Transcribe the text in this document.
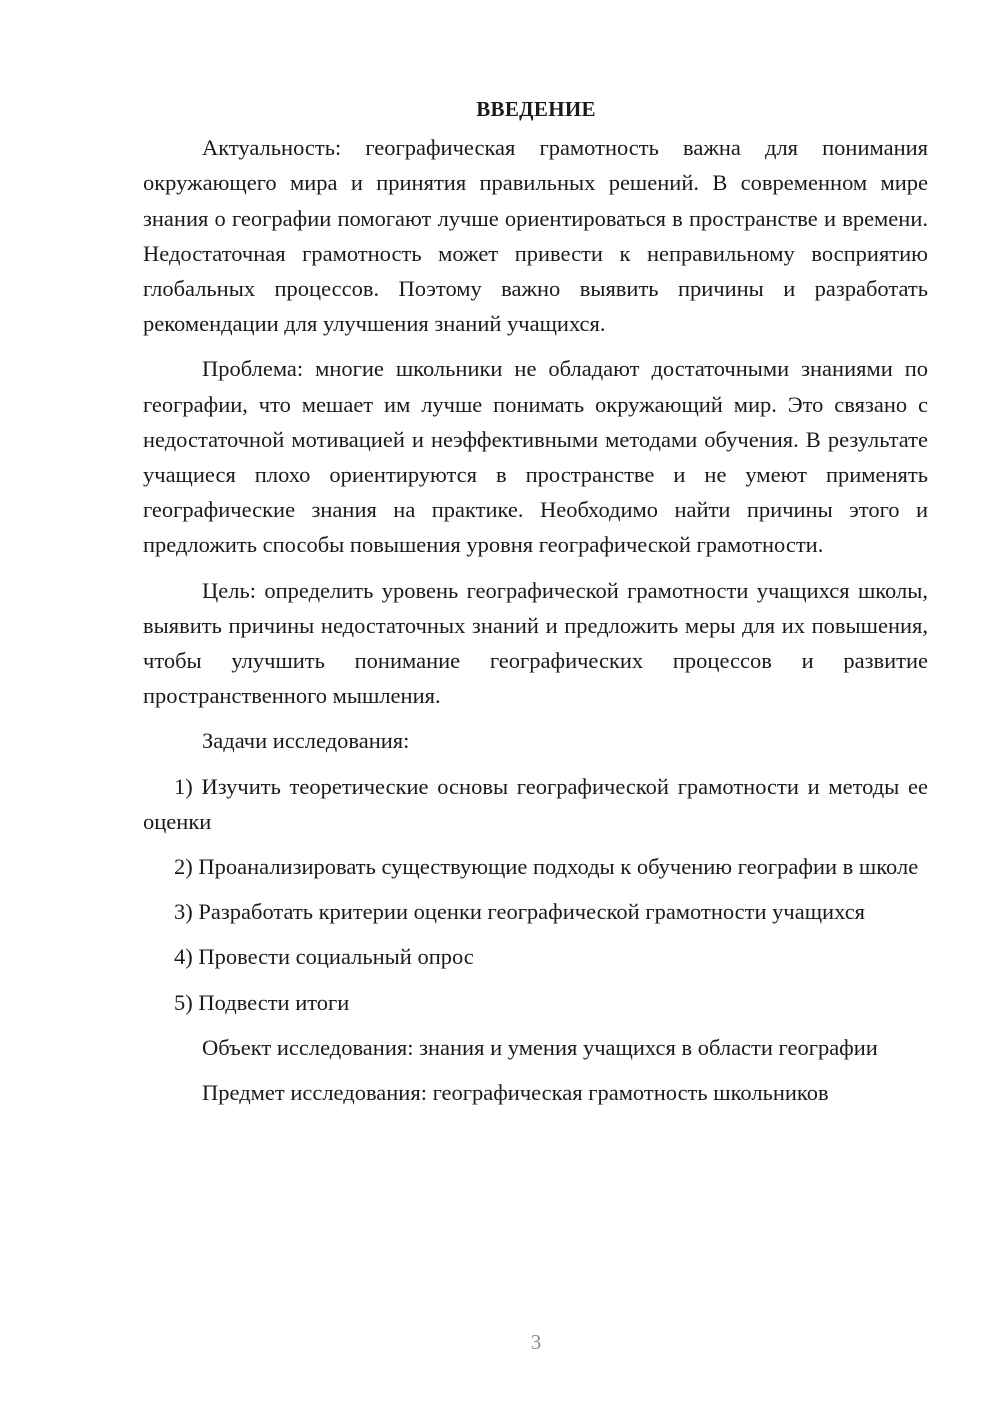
ВВЕДЕНИЕ

Актуальность: географическая грамотность важна для понимания окружающего мира и принятия правильных решений. В современном мире знания о географии помогают лучше ориентироваться в пространстве и времени. Недостаточная грамотность может привести к неправильному восприятию глобальных процессов. Поэтому важно выявить причины и разработать рекомендации для улучшения знаний учащихся.

Проблема: многие школьники не обладают достаточными знаниями по географии, что мешает им лучше понимать окружающий мир. Это связано с недостаточной мотивацией и неэффективными методами обучения. В результате учащиеся плохо ориентируются в пространстве и не умеют применять географические знания на практике. Необходимо найти причины этого и предложить способы повышения уровня географической грамотности.

Цель: определить уровень географической грамотности учащихся школы, выявить причины недостаточных знаний и предложить меры для их повышения, чтобы улучшить понимание географических процессов и развитие пространственного мышления.

Задачи исследования:

1) Изучить теоретические основы географической грамотности и методы ее оценки

2) Проанализировать существующие подходы к обучению географии в школе

3) Разработать критерии оценки географической грамотности учащихся

4) Провести социальный опрос

5) Подвести итоги

Объект исследования: знания и умения учащихся в области географии

Предмет исследования: географическая грамотность школьников

3
